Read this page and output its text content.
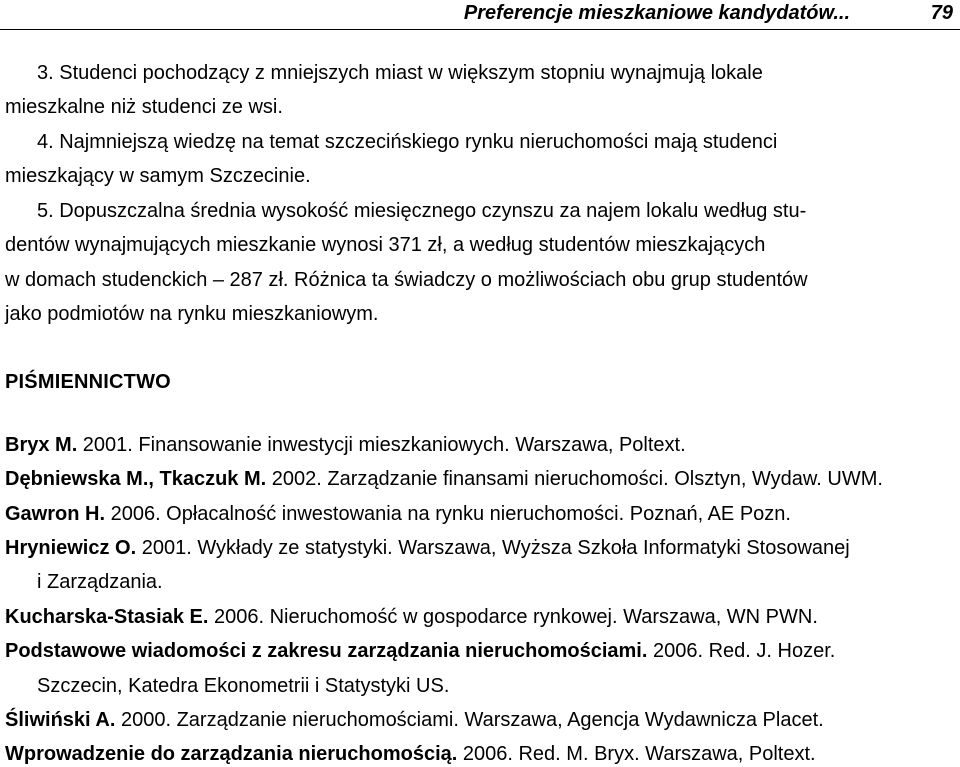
Preferencje mieszkaniowe kandydatów...	79
3. Studenci pochodzący z mniejszych miast w większym stopniu wynajmują lokale
mieszkalne niż studenci ze wsi.
4. Najmniejszą wiedzę na temat szczecińskiego rynku nieruchomości mają studenci
mieszkający w samym Szczecinie.
5. Dopuszczalna średnia wysokość miesięcznego czynszu za najem lokalu według stu-
dentów wynajmujących mieszkanie wynosi 371 zł, a według studentów mieszkających
w domach studenckich – 287 zł. Różnica ta świadczy o możliwościach obu grup studentów
jako podmiotów na rynku mieszkaniowym.
PIŚMIENNICTWO
Bryx M. 2001. Finansowanie inwestycji mieszkaniowych. Warszawa, Poltext.
Dębniewska M., Tkaczuk M. 2002. Zarządzanie finansami nieruchomości. Olsztyn, Wydaw. UWM.
Gawron H. 2006. Opłacalność inwestowania na rynku nieruchomości. Poznań, AE Pozn.
Hryniewicz O. 2001. Wykłady ze statystyki. Warszawa, Wyższa Szkoła Informatyki Stosowanej
i Zarządzania.
Kucharska-Stasiak E. 2006. Nieruchomość w gospodarce rynkowej. Warszawa, WN PWN.
Podstawowe wiadomości z zakresu zarządzania nieruchomościami. 2006. Red. J. Hozer.
Szczecin, Katedra Ekonometrii i Statystyki US.
Śliwiński A. 2000. Zarządzanie nieruchomościami. Warszawa, Agencja Wydawnicza Placet.
Wprowadzenie do zarządzania nieruchomością. 2006. Red. M. Bryx. Warszawa, Poltext.
